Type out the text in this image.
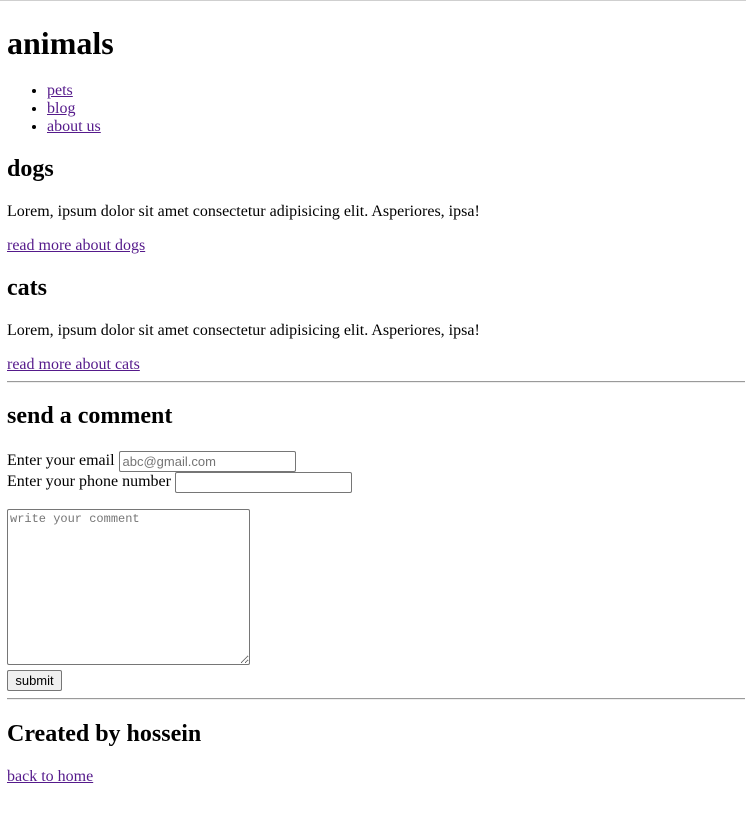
animals
• pets
• blog
• about us
dogs

Lorem, ipsum dolor sit amet consectetur adipisicing elit. Asperiores, ipsa!

read more about dogs

cats

Lorem, ipsum dolor sit amet consectetur adipisicing elit. Asperiores, ipsa!

read more about cats

send a comment
Enter your email abc@gmail.com
Enter your phone number
write your comment
submit
Created by hossein

back to home
